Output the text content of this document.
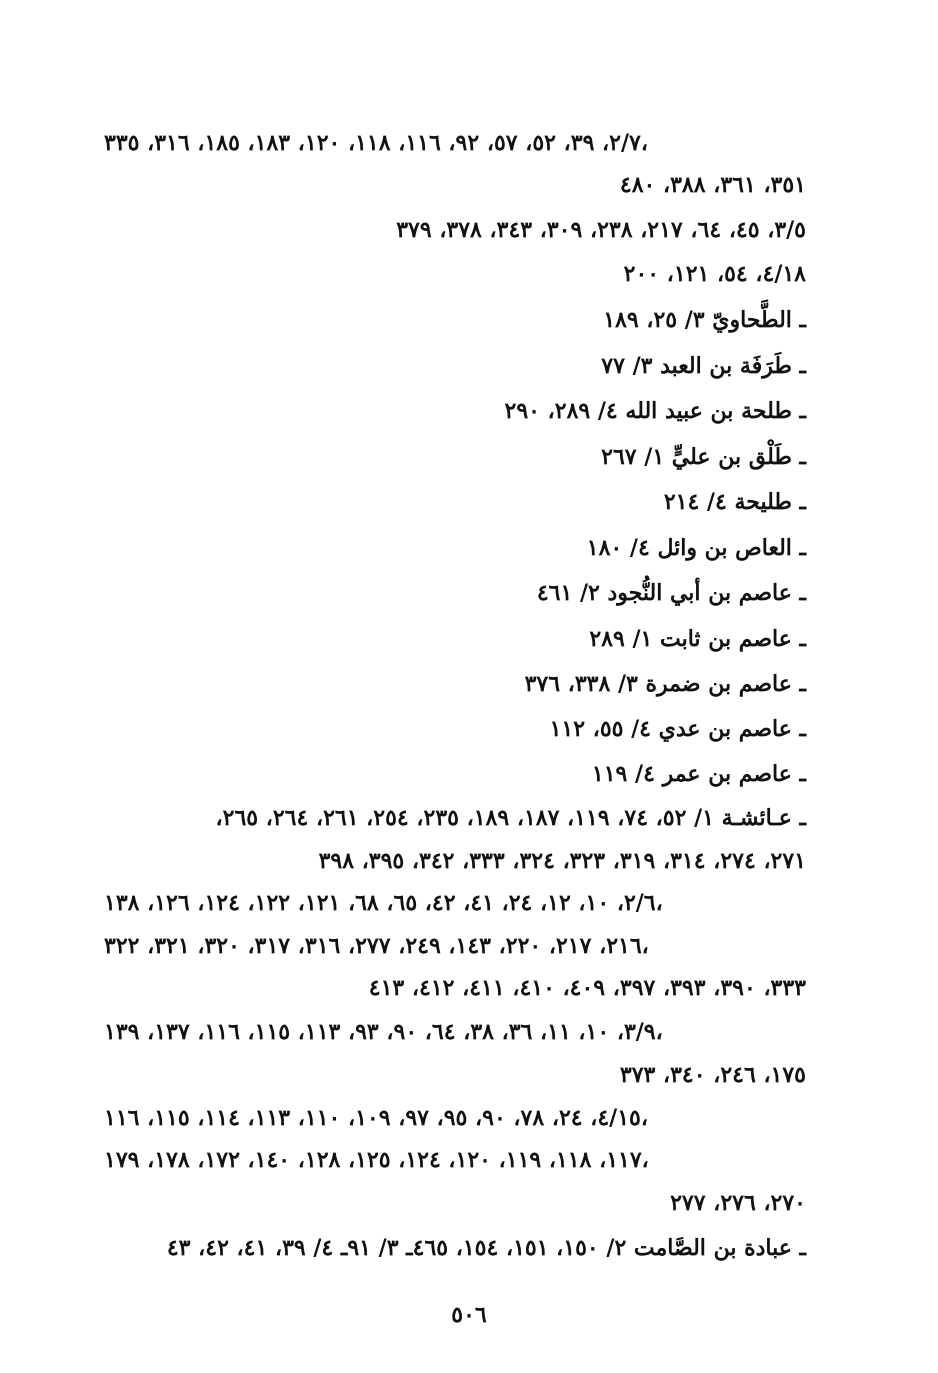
٢/٧، ٣٩، ٥٢، ٥٧، ٩٢، ١١٦، ١١٨، ١٢٠، ١٨٣، ١٨٥، ٣١٦، ٣٣٥،
٣٥١، ٣٦١، ٣٨٨، ٤٨٠
٣/٥، ٤٥، ٦٤، ٢١٧، ٢٣٨، ٣٠٩، ٣٤٣، ٣٧٨، ٣٧٩
٤/١٨، ٥٤، ١٢١، ٢٠٠
ـ الطَّحاويّ ٣/ ٢٥، ١٨٩
ـ طَرَفَة بن العبد ٣/ ٧٧
ـ طلحة بن عبيد الله ٤/ ٢٨٩، ٢٩٠
ـ طَلْق بن عليٍّ ١/ ٢٦٧
ـ طليحة ٤/ ٢١٤
ـ العاص بن وائل ٤/ ١٨٠
ـ عاصم بن أبي النُّجود ٢/ ٤٦١
ـ عاصم بن ثابت ١/ ٢٨٩
ـ عاصم بن ضمرة ٣/ ٣٣٨، ٣٧٦
ـ عاصم بن عدي ٤/ ٥٥، ١١٢
ـ عاصم بن عمر ٤/ ١١٩
ـ عـائشـة ١/ ٥٢، ٧٤، ١١٩، ١٨٧، ١٨٩، ٢٣٥، ٢٥٤، ٢٦١، ٢٦٤، ٢٦٥،
٢٧١، ٢٧٤، ٣١٤، ٣١٩، ٣٢٣، ٣٢٤، ٣٣٣، ٣٤٢، ٣٩٥، ٣٩٨
٢/٦، ١٠، ١٢، ٢٤، ٤١، ٤٢، ٦٥، ٦٨، ١٢١، ١٢٢، ١٢٤، ١٢٦، ١٣٨،
٢١٦، ٢١٧، ٢٢٠، ١٤٣، ٢٤٩، ٢٧٧، ٣١٦، ٣١٧، ٣٢٠، ٣٢١، ٣٢٢،
٣٣٣، ٣٩٠، ٣٩٣، ٣٩٧، ٤٠٩، ٤١٠، ٤١١، ٤١٢، ٤١٣
٣/٩، ١٠، ١١، ٣٦، ٣٨، ٦٤، ٩٠، ٩٣، ١١٣، ١١٥، ١١٦، ١٣٧، ١٣٩،
١٧٥، ٢٤٦، ٣٤٠، ٣٧٣
٤/١٥، ٢٤، ٧٨، ٩٠، ٩٥، ٩٧، ١٠٩، ١١٠، ١١٣، ١١٤، ١١٥، ١١٦،
١١٧، ١١٨، ١١٩، ١٢٠، ١٢٤، ١٢٥، ١٢٨، ١٤٠، ١٧٢، ١٧٨، ١٧٩،
٢٧٠، ٢٧٦، ٢٧٧
ـ عبادة بن الصَّامت ٢/ ١٥٠، ١٥١، ١٥٤، ٤٦٥ـ ٣/ ٩١ـ ٤/ ٣٩، ٤١، ٤٢، ٤٣
٥٠٦
